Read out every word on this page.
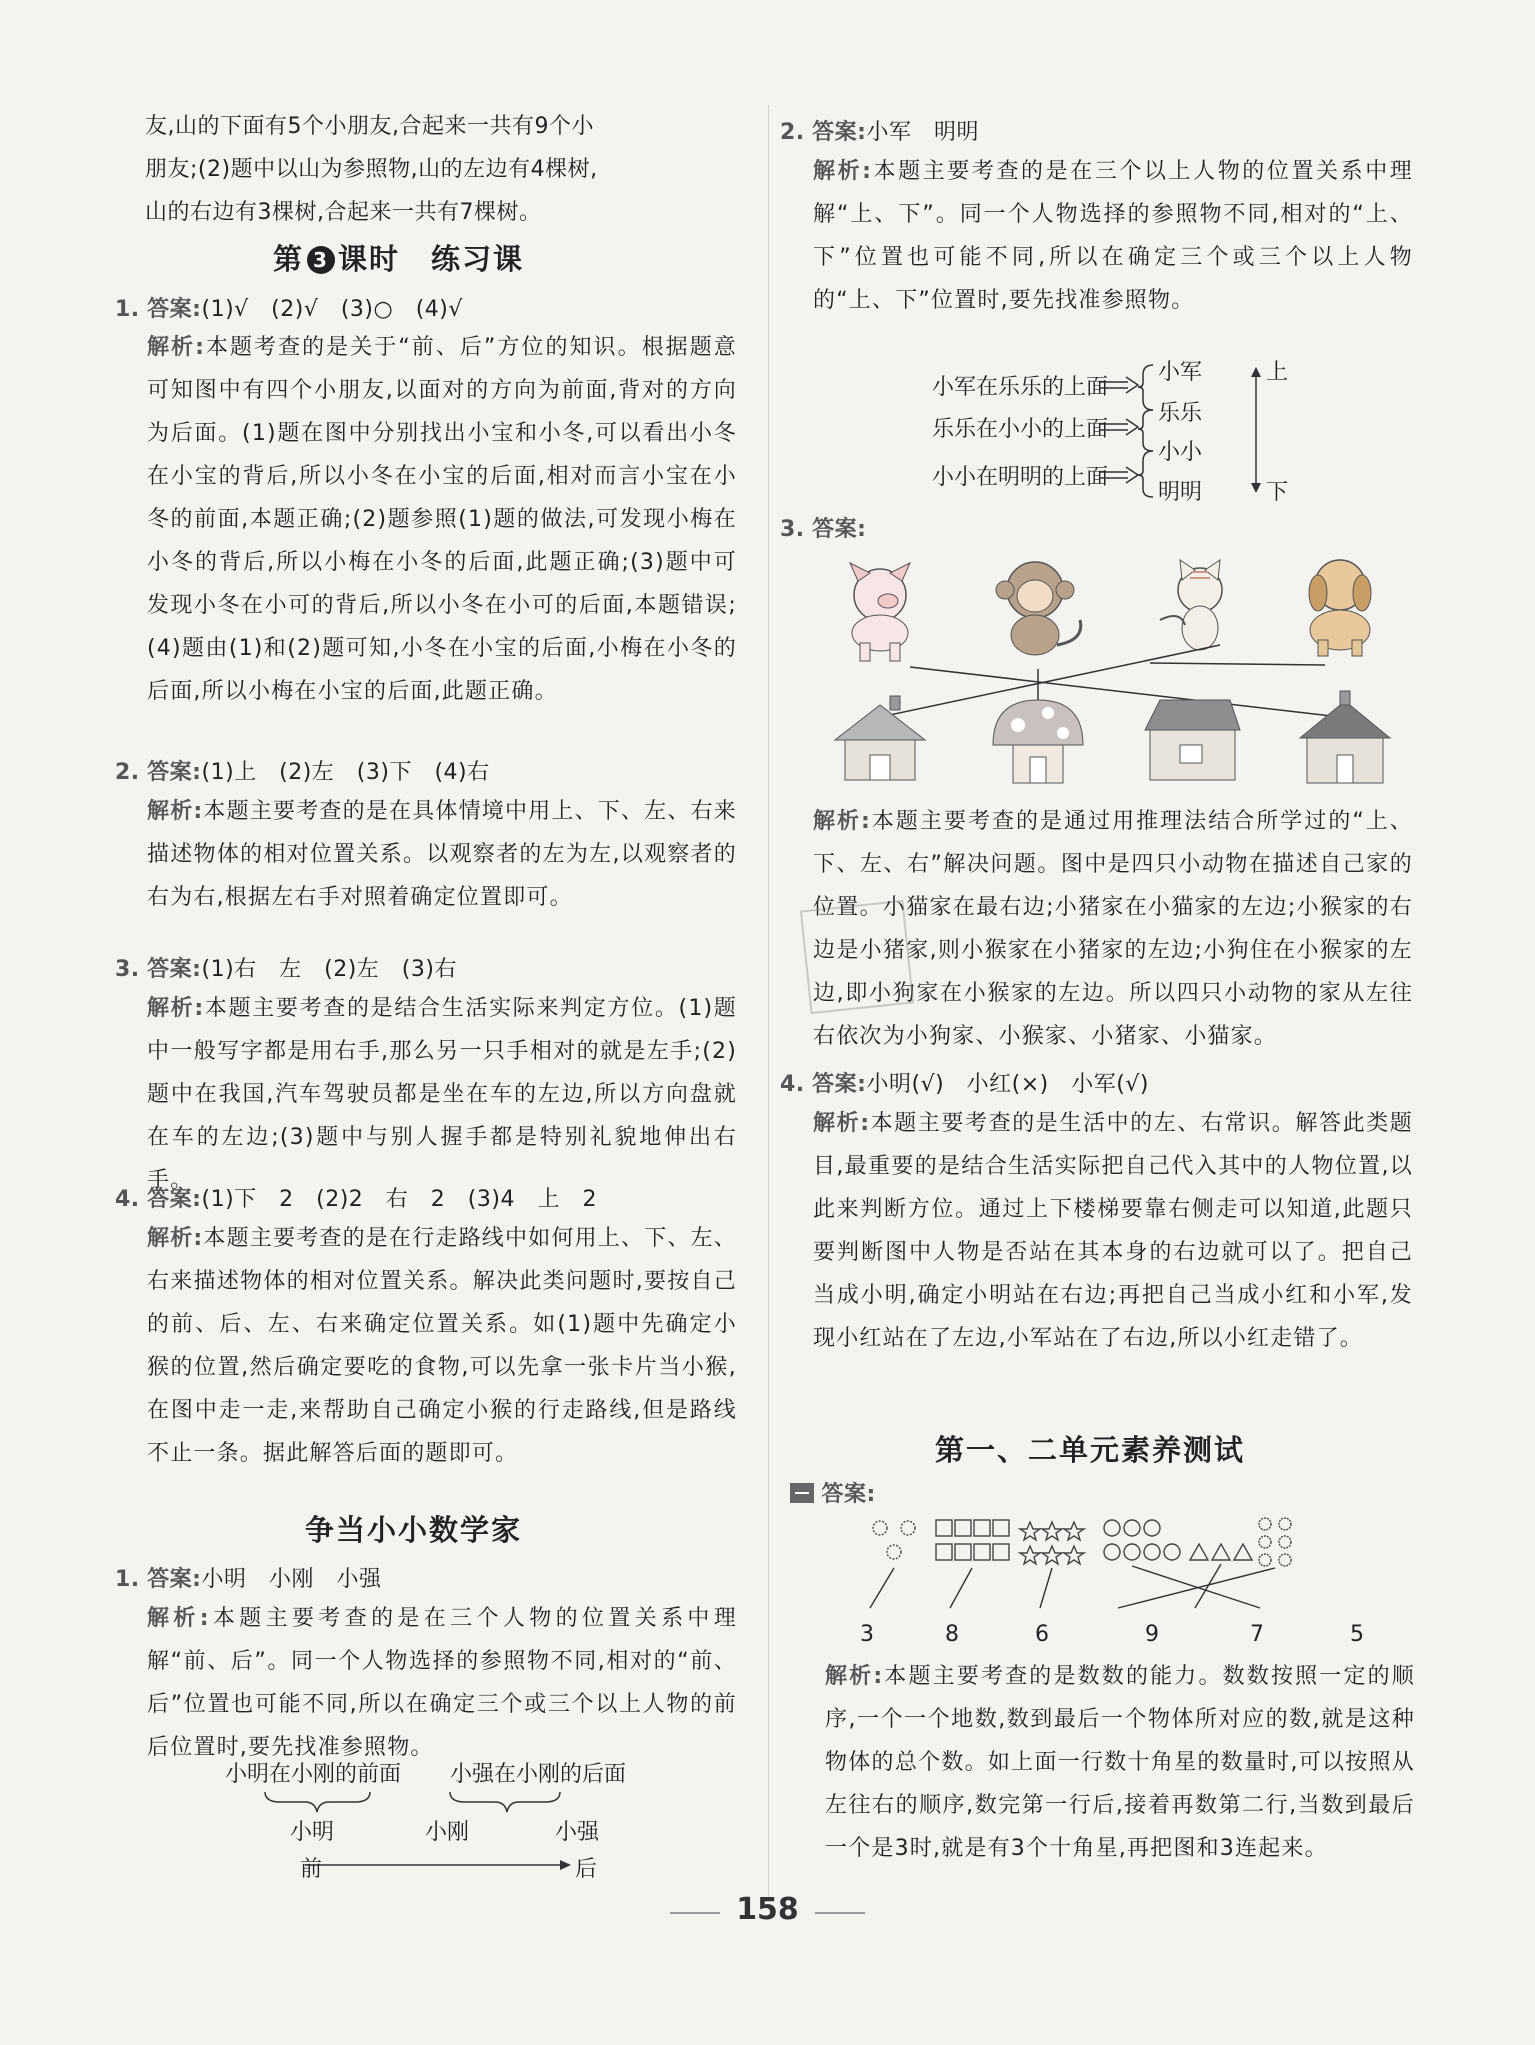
友,山的下面有5个小朋友,合起来一共有9个小
朋友;(2)题中以山为参照物,山的左边有4棵树,
山的右边有3棵树,合起来一共有7棵树。
第 3 课时　练习课
1. 答案:(1)√　(2)√　(3)○　(4)√
解析:本题考查的是关于“前、后”方位的知识。根据题意可知图中有四个小朋友,以面对的方向为前面,背对的方向为后面。(1)题在图中分别找出小宝和小冬,可以看出小冬在小宝的背后,所以小冬在小宝的后面,相对而言小宝在小冬的前面,本题正确;(2)题参照(1)题的做法,可发现小梅在小冬的背后,所以小梅在小冬的后面,此题正确;(3)题中可发现小冬在小可的背后,所以小冬在小可的后面,本题错误;(4)题由(1)和(2)题可知,小冬在小宝的后面,小梅在小冬的后面,所以小梅在小宝的后面,此题正确。
2. 答案:(1)上　(2)左　(3)下　(4)右
解析:本题主要考查的是在具体情境中用上、下、左、右来描述物体的相对位置关系。以观察者的左为左,以观察者的右为右,根据左右手对照着确定位置即可。
3. 答案:(1)右　左　(2)左　(3)右
解析:本题主要考查的是结合生活实际来判定方位。(1)题中一般写字都是用右手,那么另一只手相对的就是左手;(2)题中在我国,汽车驾驶员都是坐在车的左边,所以方向盘就在车的左边;(3)题中与别人握手都是特别礼貌地伸出右手。
4. 答案:(1)下　2　(2)2　右　2　(3)4　上　2
解析:本题主要考查的是在行走路线中如何用上、下、左、右来描述物体的相对位置关系。解决此类问题时,要按自己的前、后、左、右来确定位置关系。如(1)题中先确定小猴的位置,然后确定要吃的食物,可以先拿一张卡片当小猴,在图中走一走,来帮助自己确定小猴的行走路线,但是路线不止一条。据此解答后面的题即可。
争当小小数学家
1. 答案:小明　小刚　小强
解析:本题主要考查的是在三个人物的位置关系中理解“前、后”。同一个人物选择的参照物不同,相对的“前、后”位置也可能不同,所以在确定三个或三个以上人物的前后位置时,要先找准参照物。
小明在小刚的前面 小强在小刚的后面
小明	小刚	小强
前	后
2. 答案:小军　明明
解析:本题主要考查的是在三个以上人物的位置关系中理解“上、下”。同一个人物选择的参照物不同,相对的“上、下”位置也可能不同,所以在确定三个或三个以上人物的“上、下”位置时,要先找准参照物。
小军在乐乐的上面
乐乐在小小的上面
小小在明明的上面
小军
乐乐
小小
明明
上
下
3. 答案:
解析:本题主要考查的是通过用推理法结合所学过的“上、下、左、右”解决问题。图中是四只小动物在描述自己家的位置。小猫家在最右边;小猪家在小猫家的左边;小猴家的右边是小猪家,则小猴家在小猪家的左边;小狗住在小猴家的左边,即小狗家在小猴家的左边。所以四只小动物的家从左往右依次为小狗家、小猴家、小猪家、小猫家。
4. 答案:小明(√)　小红(×)　小军(√)
解析:本题主要考查的是生活中的左、右常识。解答此类题目,最重要的是结合生活实际把自己代入其中的人物位置,以此来判断方位。通过上下楼梯要靠右侧走可以知道,此题只要判断图中人物是否站在其本身的右边就可以了。把自己当成小明,确定小明站在右边;再把自己当成小红和小军,发现小红站在了左边,小军站在了右边,所以小红走错了。
第一、二单元素养测试
答案:
3	8	6	9	7	5
解析:本题主要考查的是数数的能力。数数按照一定的顺序,一个一个地数,数到最后一个物体所对应的数,就是这种物体的总个数。如上面一行数十角星的数量时,可以按照从左往右的顺序,数完第一行后,接着再数第二行,当数到最后一个是3时,就是有3个十角星,再把图和3连起来。
158
